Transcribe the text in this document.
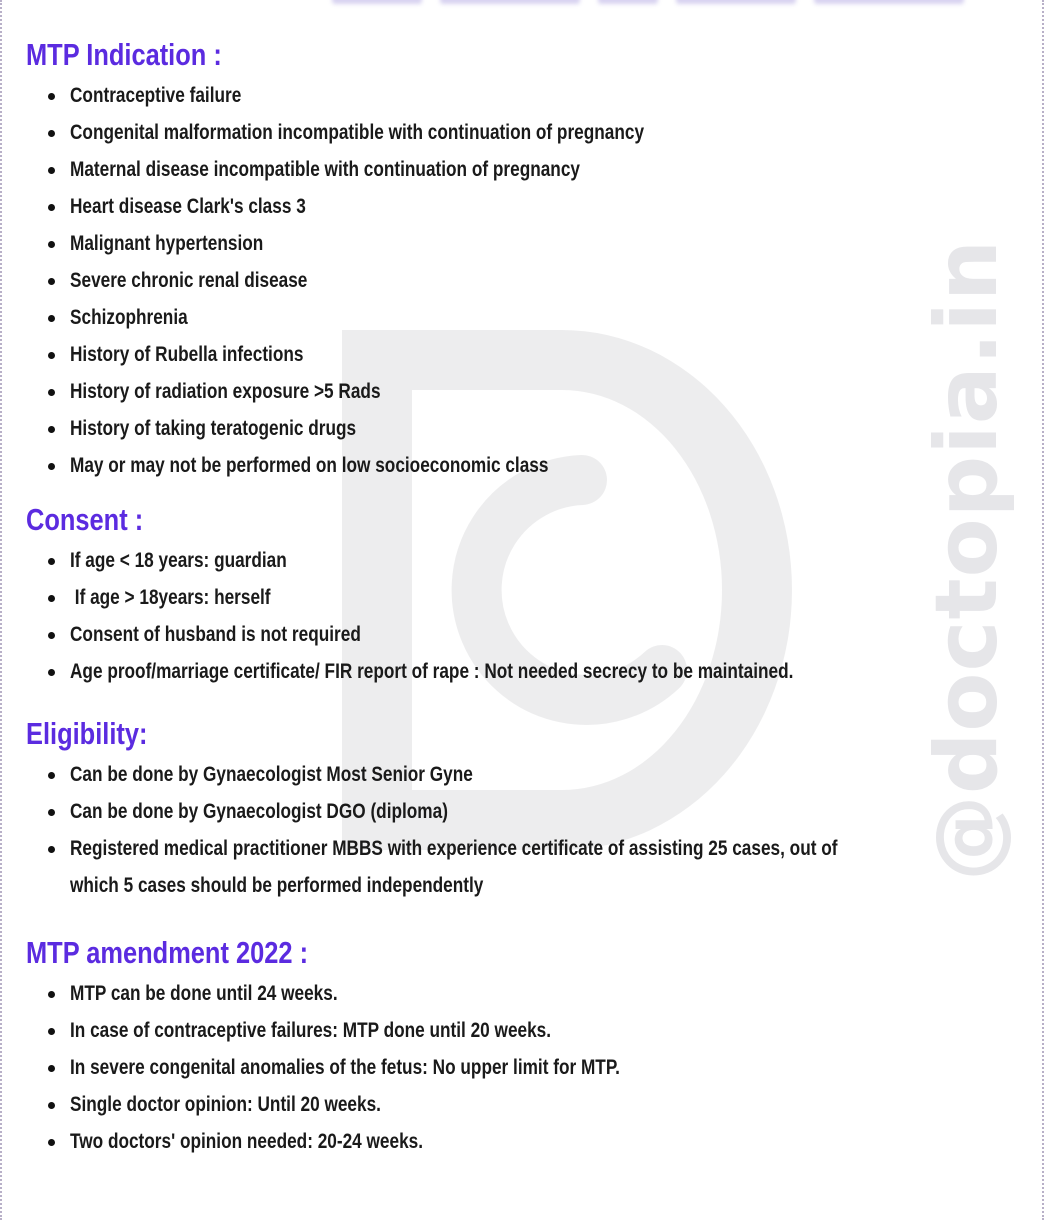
@doctopia.in
MTP Indication :
Contraceptive failure
Congenital malformation incompatible with continuation of pregnancy
Maternal disease incompatible with continuation of pregnancy
Heart disease Clark's class 3
Malignant hypertension
Severe chronic renal disease
Schizophrenia
History of Rubella infections
History of radiation exposure >5 Rads
History of taking teratogenic drugs
May or may not be performed on low socioeconomic class
Consent :
If age < 18 years: guardian
If age > 18years: herself
Consent of husband is not required
Age proof/marriage certificate/ FIR report of rape : Not needed secrecy to be maintained.
Eligibility:
Can be done by Gynaecologist Most Senior Gyne
Can be done by Gynaecologist DGO (diploma)
Registered medical practitioner MBBS with experience certificate of assisting 25 cases, out of which 5 cases should be performed independently
MTP amendment 2022 :
MTP can be done until 24 weeks.
In case of contraceptive failures: MTP done until 20 weeks.
In severe congenital anomalies of the fetus: No upper limit for MTP.
Single doctor opinion: Until 20 weeks.
Two doctors' opinion needed: 20-24 weeks.
